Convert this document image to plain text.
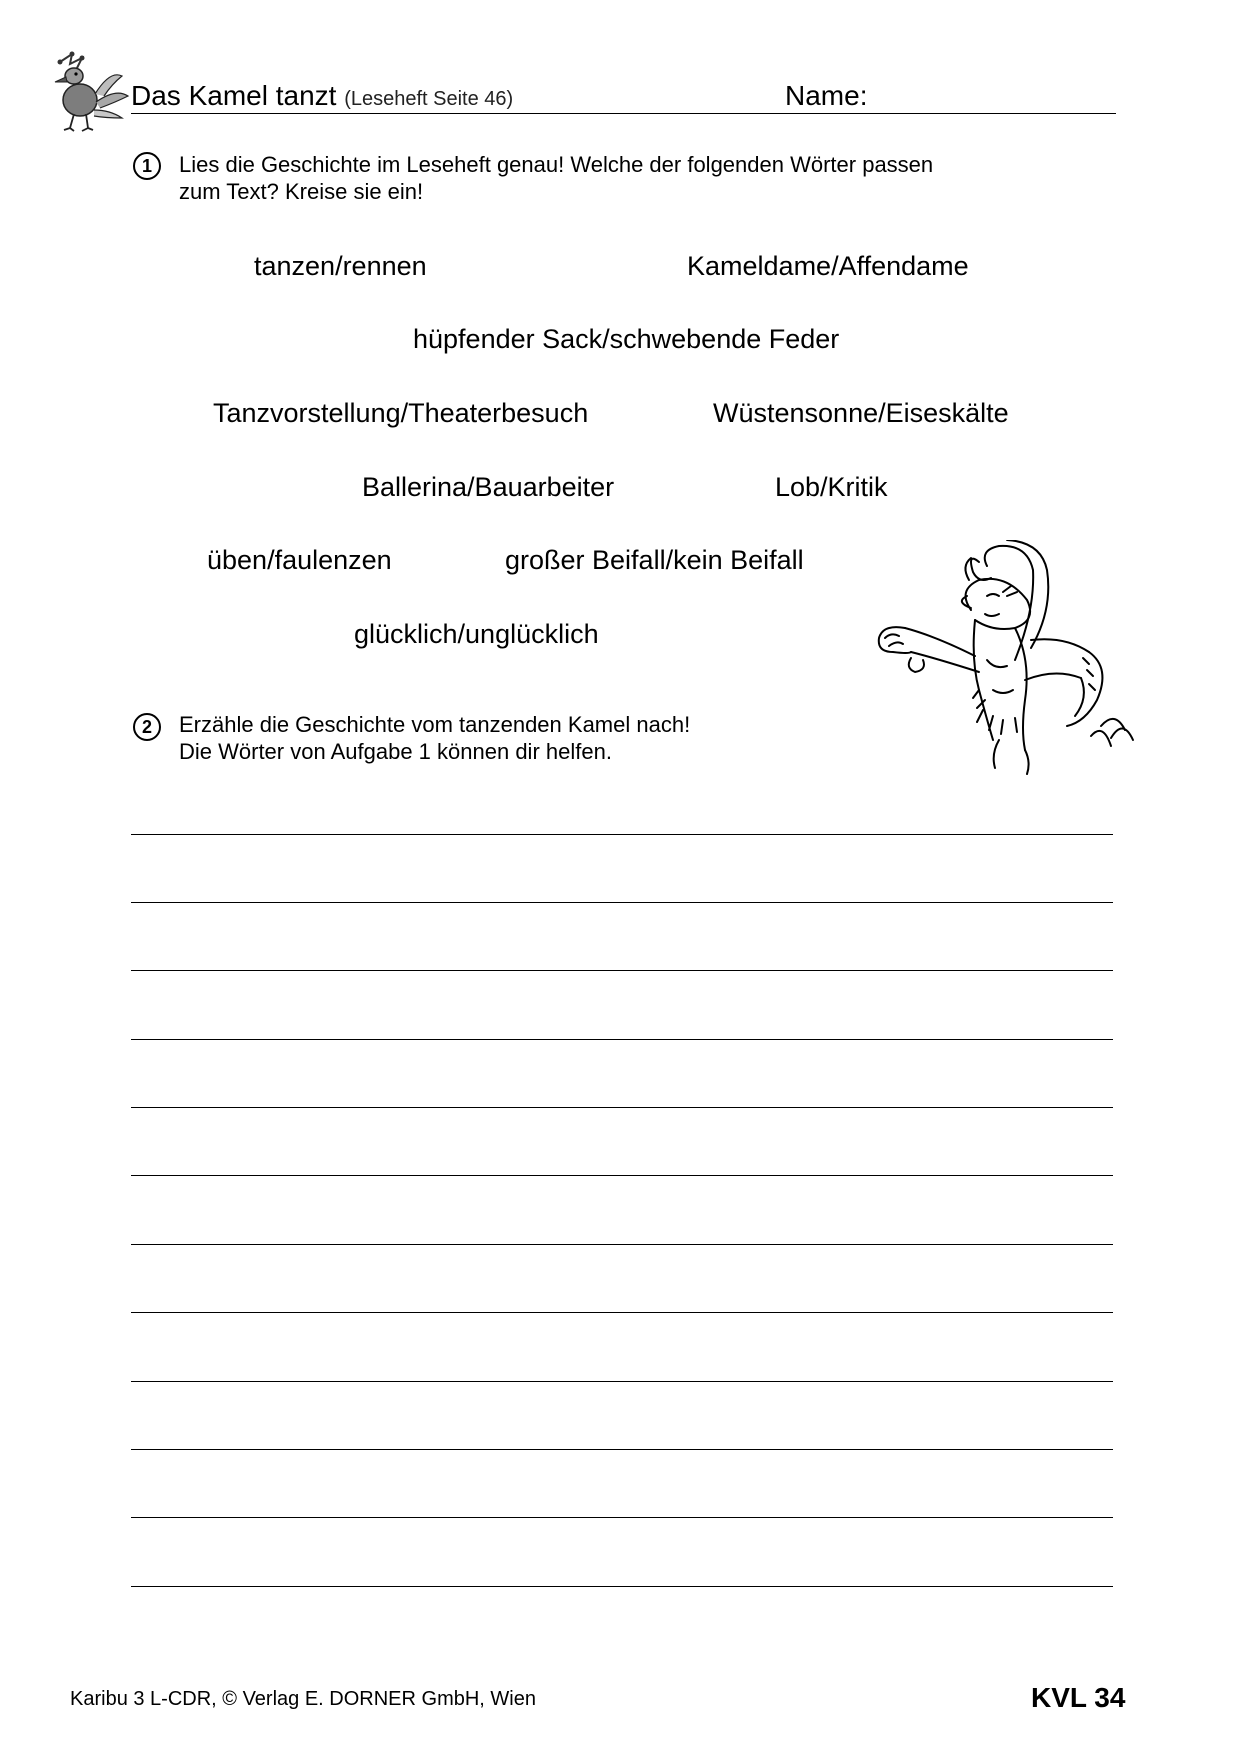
Das Kamel tanzt (Leseheft Seite 46)	Name:
1	Lies die Geschichte im Leseheft genau! Welche der folgenden Wörter passen
zum Text? Kreise sie ein!
tanzen/rennen	Kameldame/Affendame
hüpfender Sack/schwebende Feder
Tanzvorstellung/Theaterbesuch	Wüstensonne/Eiseskälte
Ballerina/Bauarbeiter	Lob/Kritik
üben/faulenzen	großer Beifall/kein Beifall
glücklich/unglücklich
2	Erzähle die Geschichte vom tanzenden Kamel nach!
Die Wörter von Aufgabe 1 können dir helfen.
Karibu 3 L-CDR, © Verlag E. DORNER GmbH, Wien	KVL 34
